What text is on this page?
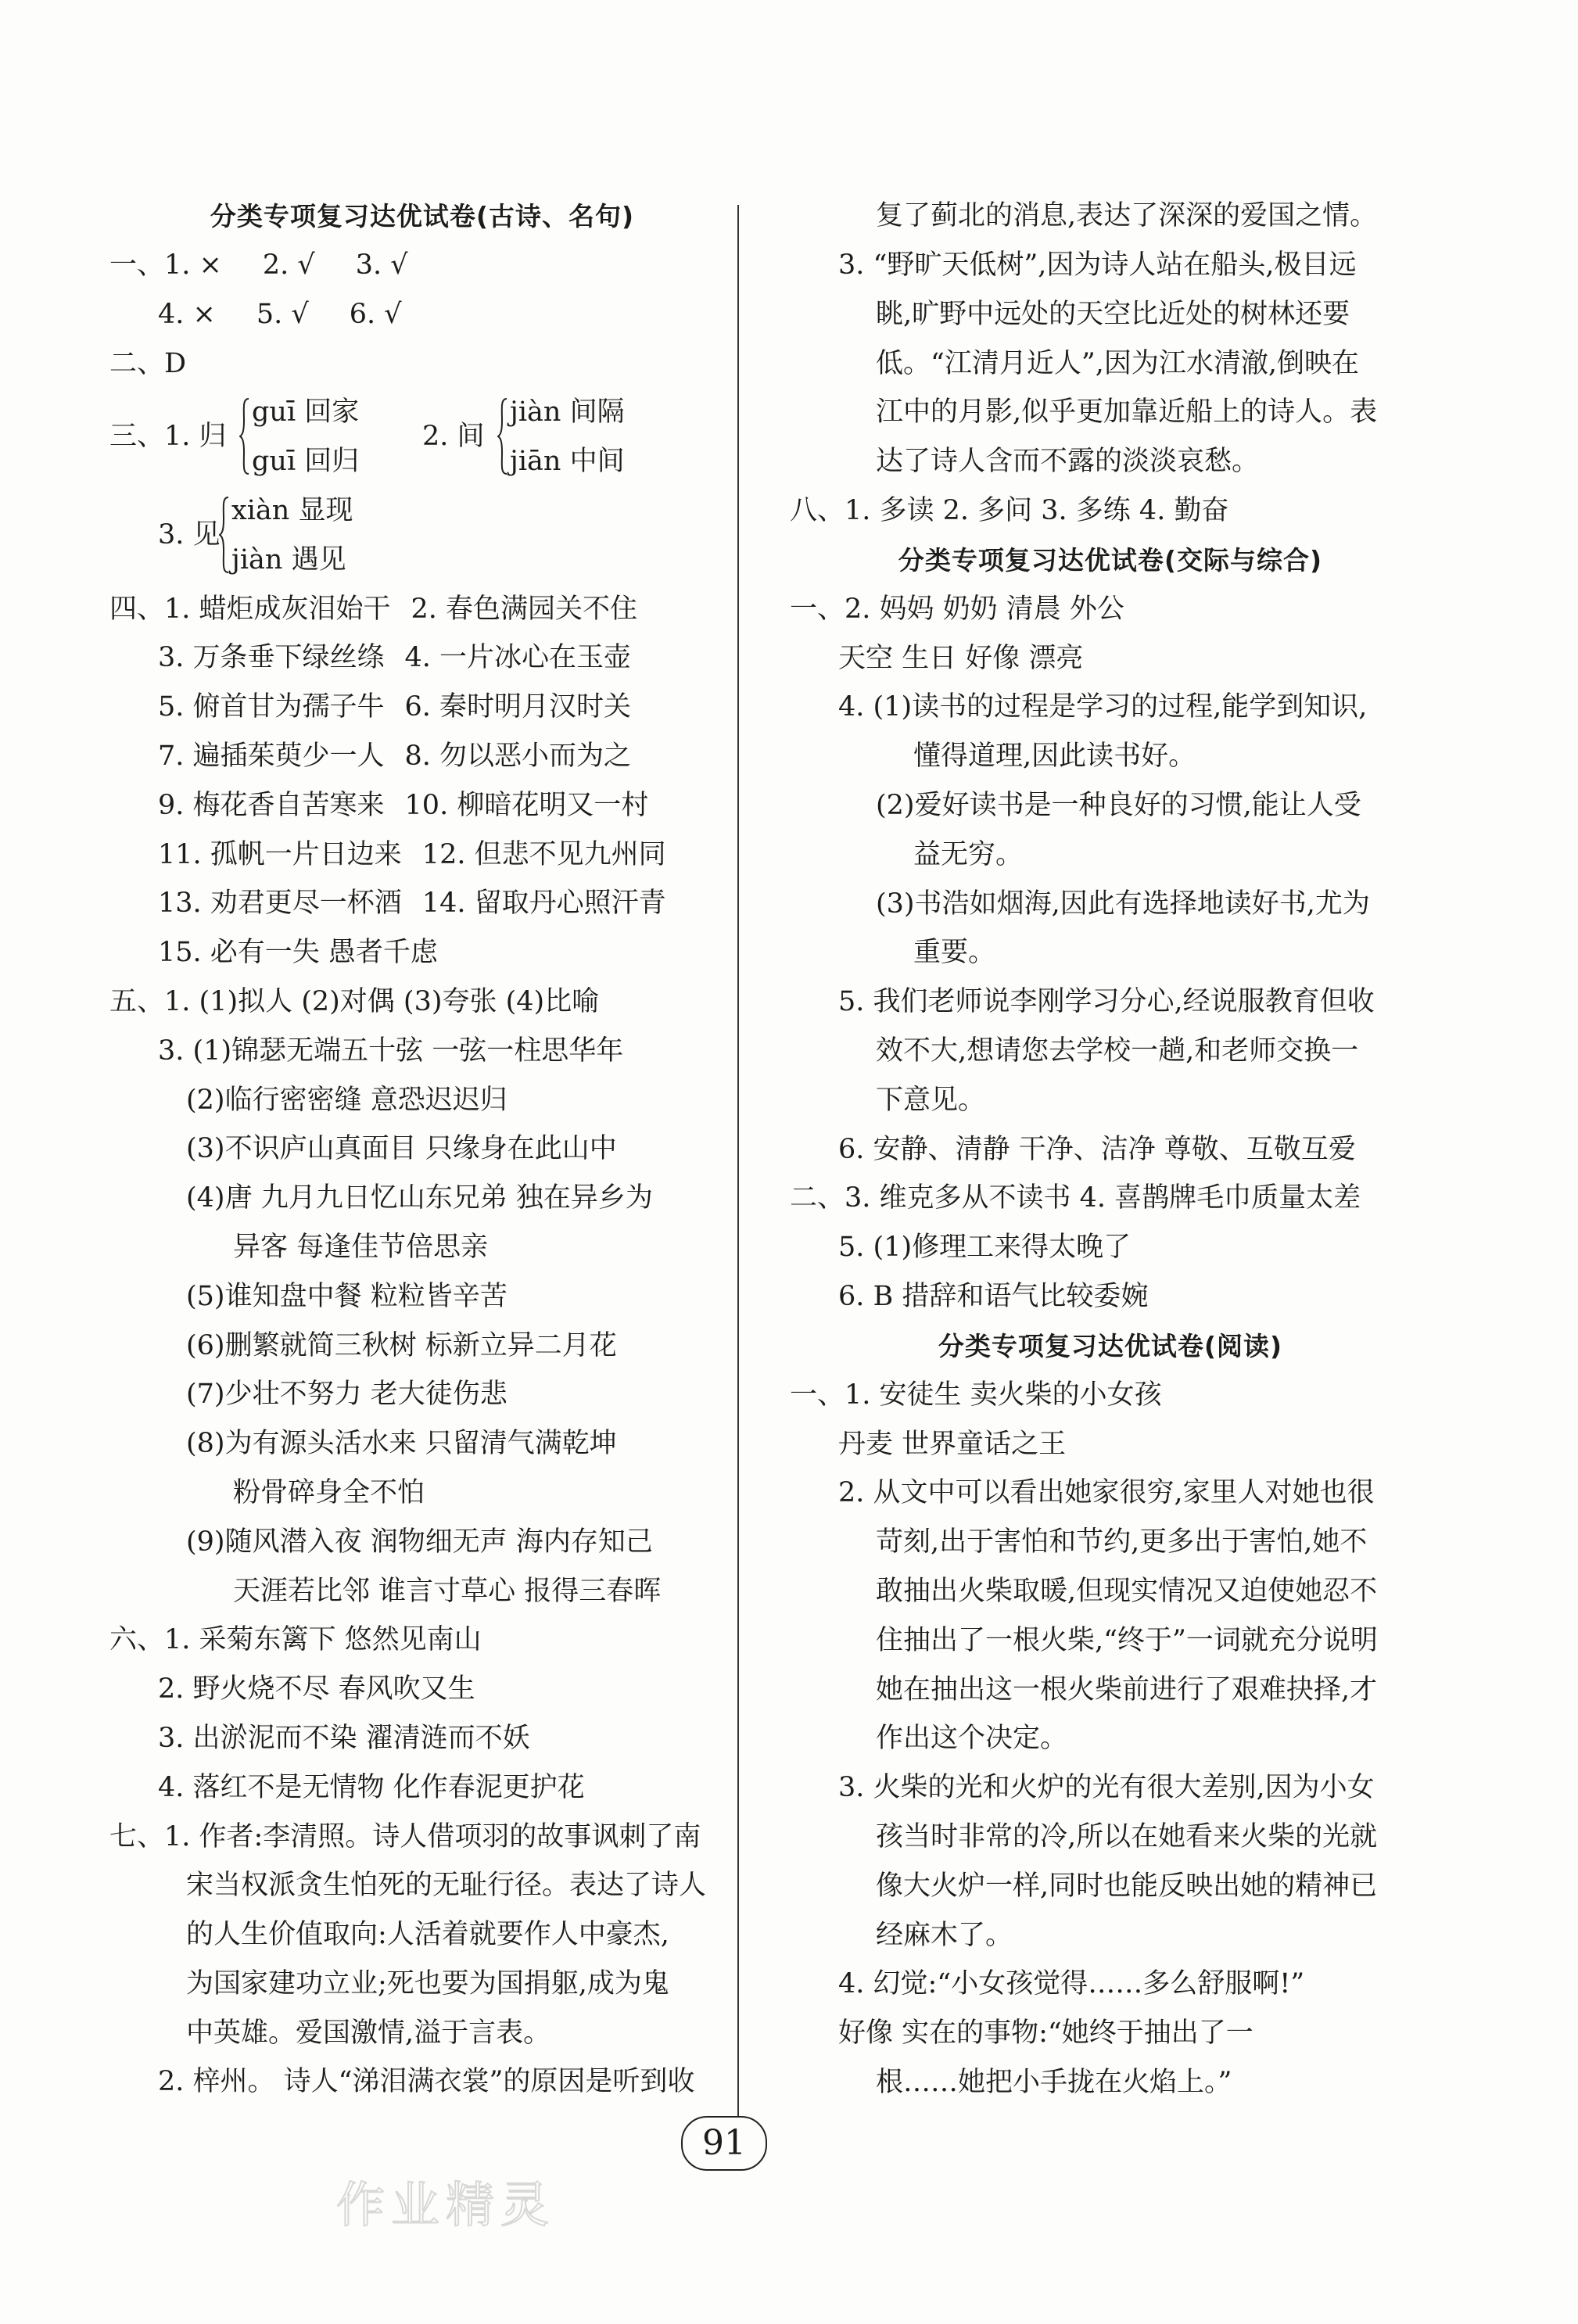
分类专项复习达优试卷(古诗、名句)
一、1. × 2. √ 3. √
4. × 5. √ 6. √
二、D
三、1. 归
guī 回家
guī 回归
2. 间
jiàn 间隔
jiān 中间
3. 见
xiàn 显现
jiàn 遇见
四、1. 蜡炬成灰泪始干 2. 春色满园关不住
3. 万条垂下绿丝绦 4. 一片冰心在玉壶
5. 俯首甘为孺子牛 6. 秦时明月汉时关
7. 遍插茱萸少一人 8. 勿以恶小而为之
9. 梅花香自苦寒来 10. 柳暗花明又一村
11. 孤帆一片日边来 12. 但悲不见九州同
13. 劝君更尽一杯酒 14. 留取丹心照汗青
15. 必有一失 愚者千虑
五、1. (1)拟人 (2)对偶 (3)夸张 (4)比喻
3. (1)锦瑟无端五十弦 一弦一柱思华年
(2)临行密密缝 意恐迟迟归
(3)不识庐山真面目 只缘身在此山中
(4)唐 九月九日忆山东兄弟 独在异乡为
异客 每逢佳节倍思亲
(5)谁知盘中餐 粒粒皆辛苦
(6)删繁就简三秋树 标新立异二月花
(7)少壮不努力 老大徒伤悲
(8)为有源头活水来 只留清气满乾坤
粉骨碎身全不怕
(9)随风潜入夜 润物细无声 海内存知己
天涯若比邻 谁言寸草心 报得三春晖
六、1. 采菊东篱下 悠然见南山
2. 野火烧不尽 春风吹又生
3. 出淤泥而不染 濯清涟而不妖
4. 落红不是无情物 化作春泥更护花
七、1. 作者:李清照。诗人借项羽的故事讽刺了南
宋当权派贪生怕死的无耻行径。表达了诗人
的人生价值取向:人活着就要作人中豪杰,
为国家建功立业;死也要为国捐躯,成为鬼
中英雄。爱国激情,溢于言表。
2. 梓州。 诗人“涕泪满衣裳”的原因是听到收
复了蓟北的消息,表达了深深的爱国之情。
3. “野旷天低树”,因为诗人站在船头,极目远
眺,旷野中远处的天空比近处的树林还要
低。“江清月近人”,因为江水清澈,倒映在
江中的月影,似乎更加靠近船上的诗人。表
达了诗人含而不露的淡淡哀愁。
八、1. 多读 2. 多问 3. 多练 4. 勤奋
分类专项复习达优试卷(交际与综合)
一、2. 妈妈 奶奶 清晨 外公
天空 生日 好像 漂亮
4. (1)读书的过程是学习的过程,能学到知识,
懂得道理,因此读书好。
(2)爱好读书是一种良好的习惯,能让人受
益无穷。
(3)书浩如烟海,因此有选择地读好书,尤为
重要。
5. 我们老师说李刚学习分心,经说服教育但收
效不大,想请您去学校一趟,和老师交换一
下意见。
6. 安静、清静 干净、洁净 尊敬、互敬互爱
二、3. 维克多从不读书 4. 喜鹊牌毛巾质量太差
5. (1)修理工来得太晚了
6. B 措辞和语气比较委婉
分类专项复习达优试卷(阅读)
一、1. 安徒生 卖火柴的小女孩
丹麦 世界童话之王
2. 从文中可以看出她家很穷,家里人对她也很
苛刻,出于害怕和节约,更多出于害怕,她不
敢抽出火柴取暖,但现实情况又迫使她忍不
住抽出了一根火柴,“终于”一词就充分说明
她在抽出这一根火柴前进行了艰难抉择,才
作出这个决定。
3. 火柴的光和火炉的光有很大差别,因为小女
孩当时非常的冷,所以在她看来火柴的光就
像大火炉一样,同时也能反映出她的精神已
经麻木了。
4. 幻觉:“小女孩觉得……多么舒服啊!”
好像 实在的事物:“她终于抽出了一
根……她把小手拢在火焰上。”
91
作业精灵
